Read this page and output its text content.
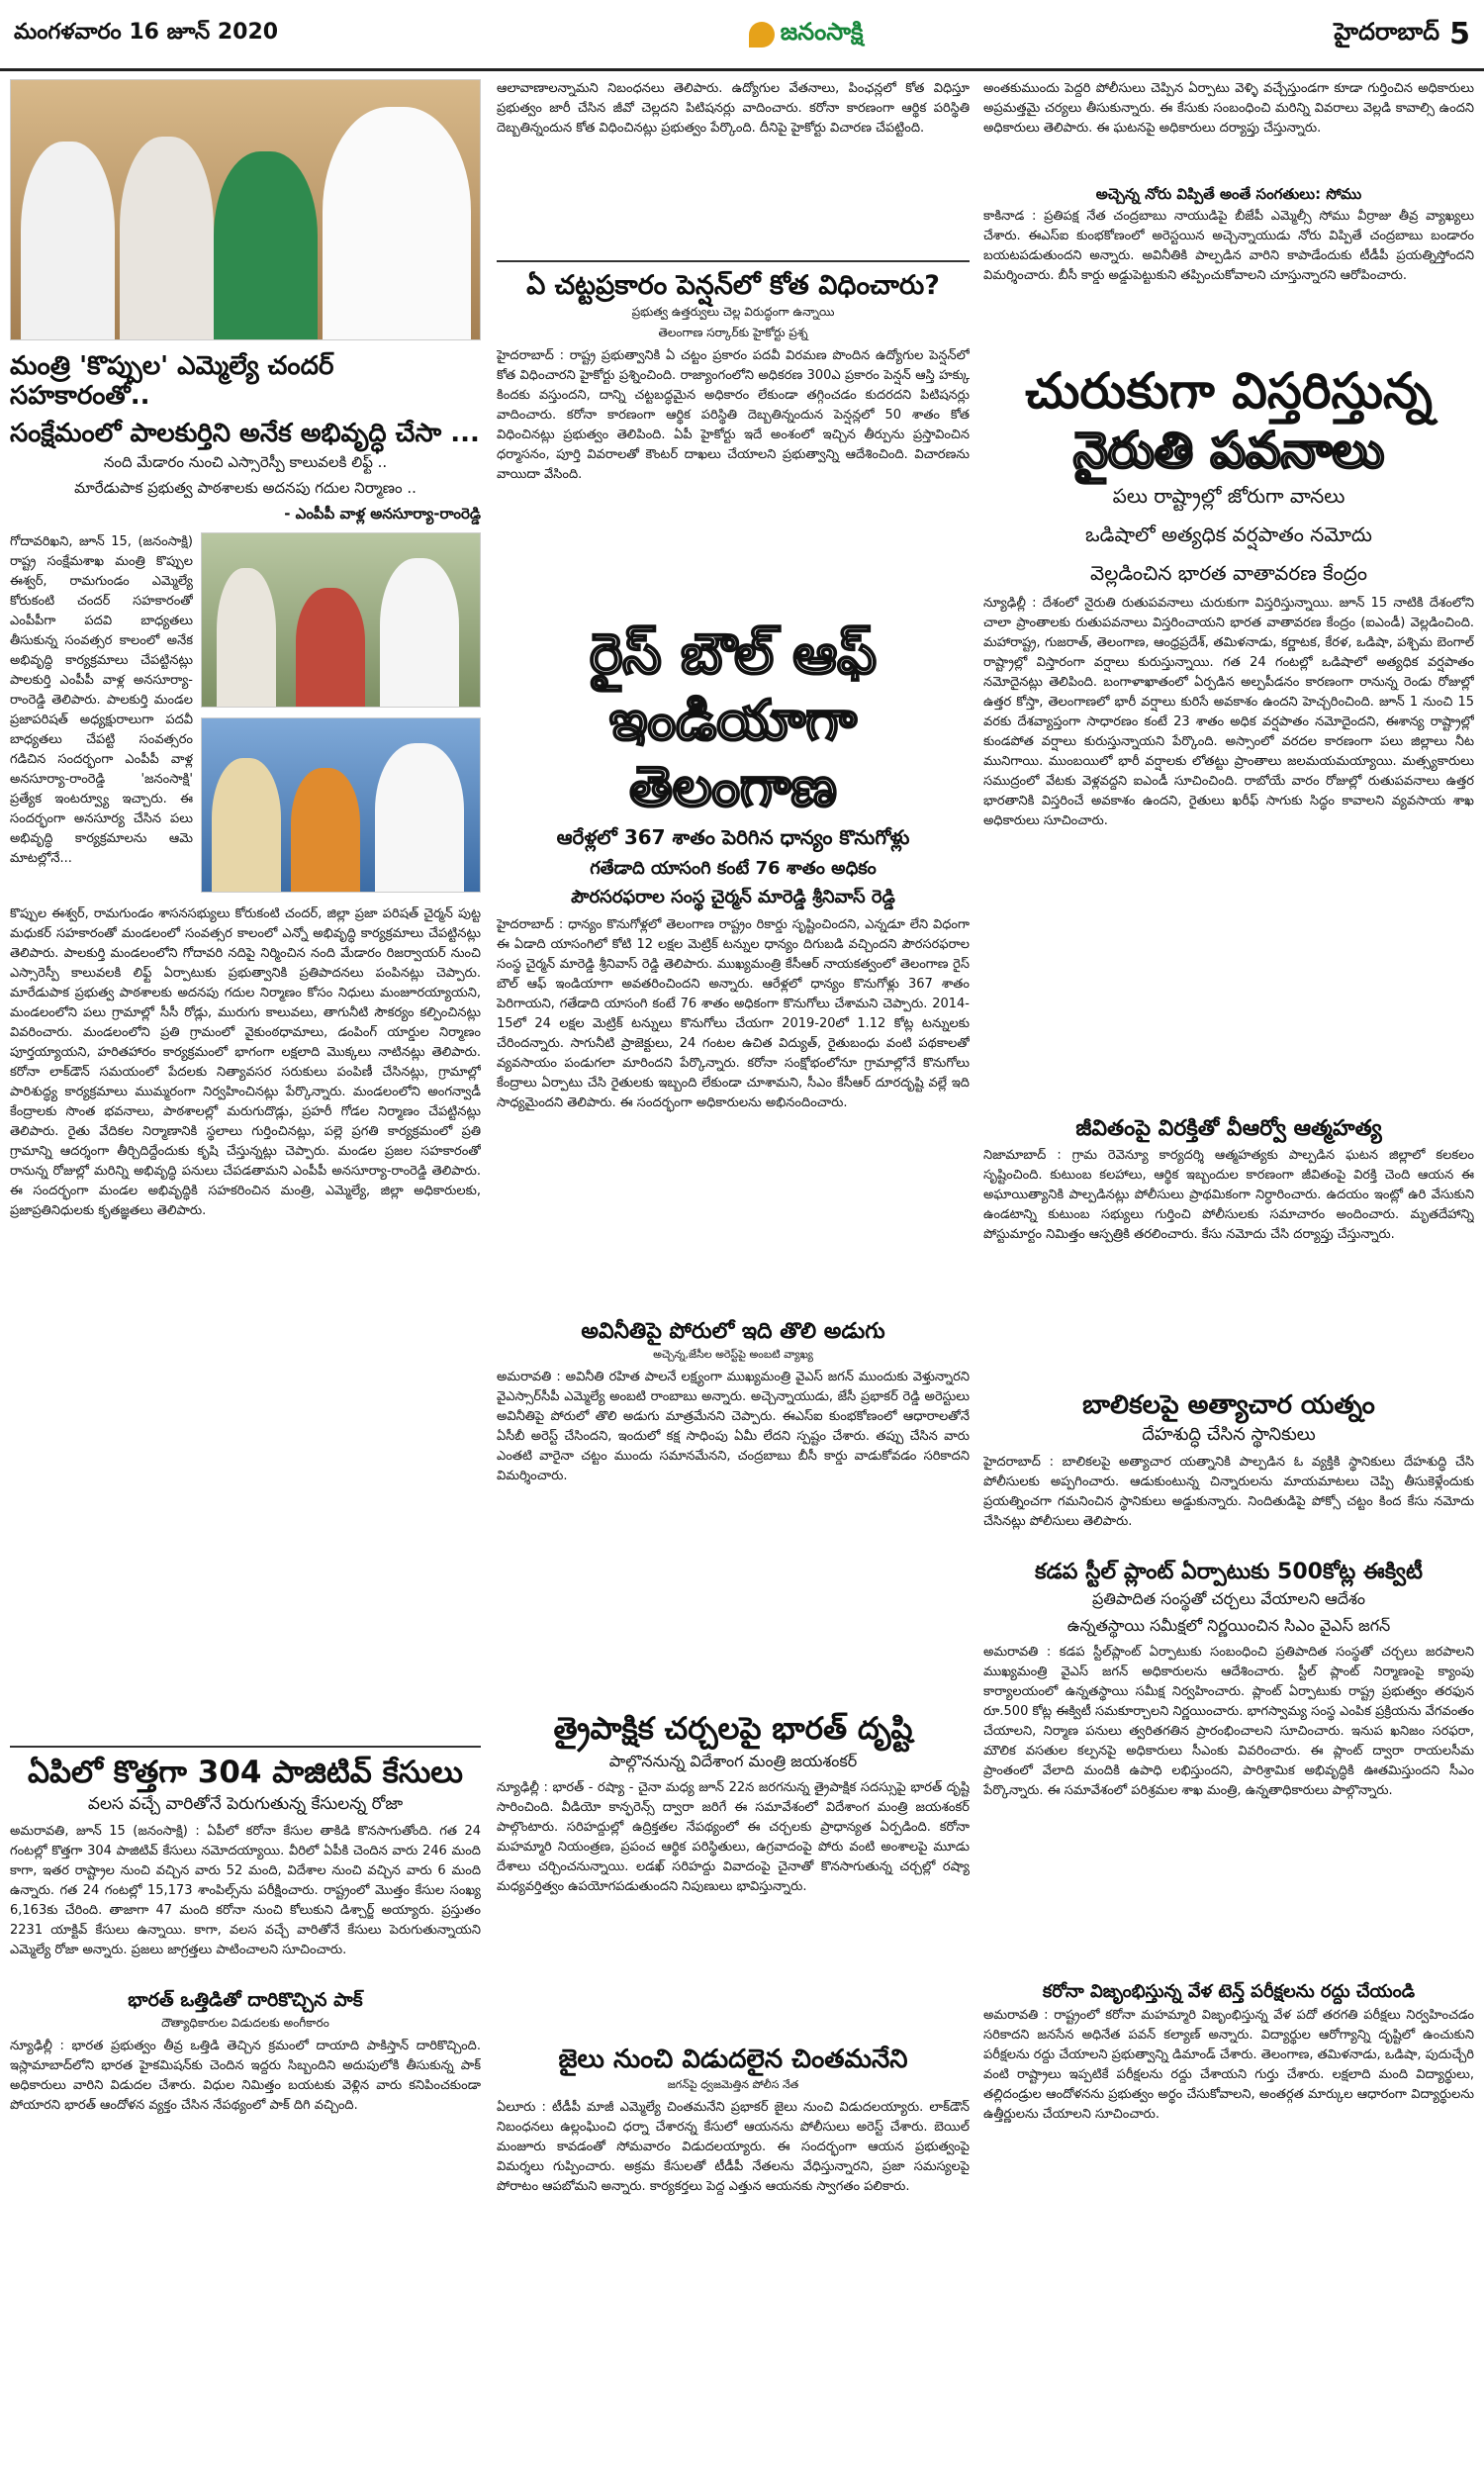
మంగళవారం 16 జూన్ 2020	జనంసాక్షి	హైదరాబాద్ 5
మంత్రి 'కొప్పుల' ఎమ్మెల్యే చందర్ సహకారంతో..
సంక్షేమంలో పాలకుర్తిని అనేక అభివృద్ధి చేసా ...
నంది మేడారం నుంచి ఎస్సారెస్పీ కాలువలకి లిఫ్ట్ ..
మారేడుపాక ప్రభుత్వ పాఠశాలకు అదనపు గదుల నిర్మాణం ..
- ఎంపీపీ వాళ్ల అనసూర్యా-రాంరెడ్డి
గోదావరిఖని, జూన్ 15, (జనంసాక్షి) రాష్ట్ర సంక్షేమశాఖ మంత్రి కొప్పుల ఈశ్వర్, రామగుండం ఎమ్మెల్యే కోరుకంటి చందర్ సహకారంతో ఎంపీపీగా పదవి బాధ్యతలు తీసుకున్న సంవత్సర కాలంలో అనేక అభివృద్ధి కార్యక్రమాలు చేపట్టినట్లు పాలకుర్తి ఎంపీపీ వాళ్ల అనసూర్యా-రాంరెడ్డి తెలిపారు. పాలకుర్తి మండల ప్రజాపరిషత్ అధ్యక్షురాలుగా పదవీ బాధ్యతలు చేపట్టి సంవత్సరం గడిచిన సందర్భంగా ఎంపీపీ వాళ్ల అనసూర్యా-రాంరెడ్డి 'జనంసాక్షి' ప్రత్యేక ఇంటర్వ్యూ ఇచ్చారు. ఈ సందర్భంగా అనసూర్య చేసిన పలు అభివృద్ధి కార్యక్రమాలను ఆమె మాటల్లోనే...
కొప్పుల ఈశ్వర్, రామగుండం శాసనసభ్యులు కోరుకంటి చందర్, జిల్లా ప్రజా పరిషత్ చైర్మన్ పుట్ట మధుకర్ సహకారంతో మండలంలో సంవత్సర కాలంలో ఎన్నో అభివృద్ధి కార్యక్రమాలు చేపట్టినట్లు తెలిపారు. పాలకుర్తి మండలంలోని గోదావరి నదిపై నిర్మించిన నంది మేడారం రిజర్వాయర్ నుంచి ఎస్సారెస్పీ కాలువలకి లిఫ్ట్ ఏర్పాటుకు ప్రభుత్వానికి ప్రతిపాదనలు పంపినట్లు చెప్పారు. మారేడుపాక ప్రభుత్వ పాఠశాలకు అదనపు గదుల నిర్మాణం కోసం నిధులు మంజూరయ్యాయని, మండలంలోని పలు గ్రామాల్లో సీసీ రోడ్లు, మురుగు కాలువలు, తాగునీటి సౌకర్యం కల్పించినట్లు వివరించారు. మండలంలోని ప్రతి గ్రామంలో వైకుంఠధామాలు, డంపింగ్ యార్డుల నిర్మాణం పూర్తయ్యాయని, హరితహారం కార్యక్రమంలో భాగంగా లక్షలాది మొక్కలు నాటినట్లు తెలిపారు. కరోనా లాక్‌డౌన్ సమయంలో పేదలకు నిత్యావసర సరుకులు పంపిణీ చేసినట్లు, గ్రామాల్లో పారిశుద్ధ్య కార్యక్రమాలు ముమ్మరంగా నిర్వహించినట్లు పేర్కొన్నారు. మండలంలోని అంగన్వాడీ కేంద్రాలకు సొంత భవనాలు, పాఠశాలల్లో మరుగుదొడ్లు, ప్రహరీ గోడల నిర్మాణం చేపట్టినట్లు తెలిపారు. రైతు వేదికల నిర్మాణానికి స్థలాలు గుర్తించినట్లు, పల్లె ప్రగతి కార్యక్రమంలో ప్రతి గ్రామాన్ని ఆదర్శంగా తీర్చిదిద్దేందుకు కృషి చేస్తున్నట్లు చెప్పారు. మండల ప్రజల సహకారంతో రానున్న రోజుల్లో మరిన్ని అభివృద్ధి పనులు చేపడతామని ఎంపీపీ అనసూర్యా-రాంరెడ్డి తెలిపారు. ఈ సందర్భంగా మండల అభివృద్ధికి సహకరించిన మంత్రి, ఎమ్మెల్యే, జిల్లా అధికారులకు, ప్రజాప్రతినిధులకు కృతజ్ఞతలు తెలిపారు.
ఏపిలో కొత్తగా 304 పాజిటివ్ కేసులు
వలస వచ్చే వారితోనే పెరుగుతున్న కేసులన్న రోజా
అమరావతి, జూన్ 15 (జనంసాక్షి) : ఏపీలో కరోనా కేసుల తాకిడి కొనసాగుతోంది. గత 24 గంటల్లో కొత్తగా 304 పాజిటివ్ కేసులు నమోదయ్యాయి. వీరిలో ఏపీకి చెందిన వారు 246 మంది కాగా, ఇతర రాష్ట్రాల నుంచి వచ్చిన వారు 52 మంది, విదేశాల నుంచి వచ్చిన వారు 6 మంది ఉన్నారు. గత 24 గంటల్లో 15,173 శాంపిల్స్‌ను పరీక్షించారు. రాష్ట్రంలో మొత్తం కేసుల సంఖ్య 6,163కు చేరింది. తాజాగా 47 మంది కరోనా నుంచి కోలుకుని డిశ్చార్జ్ అయ్యారు. ప్రస్తుతం 2231 యాక్టివ్ కేసులు ఉన్నాయి. కాగా, వలస వచ్చే వారితోనే కేసులు పెరుగుతున్నాయని ఎమ్మెల్యే రోజా అన్నారు. ప్రజలు జాగ్రత్తలు పాటించాలని సూచించారు.
భారత్ ఒత్తిడితో దారికొచ్చిన పాక్
దౌత్యాధికారుల విడుదలకు అంగీకారం
న్యూఢిల్లీ : భారత ప్రభుత్వం తీవ్ర ఒత్తిడి తెచ్చిన క్రమంలో దాయాది పాకిస్తాన్ దారికొచ్చింది. ఇస్లామాబాద్‌లోని భారత హైకమిషన్‌కు చెందిన ఇద్దరు సిబ్బందిని అదుపులోకి తీసుకున్న పాక్ అధికారులు వారిని విడుదల చేశారు. విధుల నిమిత్తం బయటకు వెళ్లిన వారు కనిపించకుండా పోయారని భారత్ ఆందోళన వ్యక్తం చేసిన నేపథ్యంలో పాక్ దిగి వచ్చింది.
ఆలావాణాలన్నామని నిబంధనలు తెలిపారు. ఉద్యోగుల వేతనాలు, పింఛన్లలో కోత విధిస్తూ ప్రభుత్వం జారీ చేసిన జీవో చెల్లదని పిటిషనర్లు వాదించారు. కరోనా కారణంగా ఆర్థిక పరిస్థితి దెబ్బతిన్నందున కోత విధించినట్లు ప్రభుత్వం పేర్కొంది. దీనిపై హైకోర్టు విచారణ చేపట్టింది.
ఏ చట్టప్రకారం పెన్షన్‌లో కోత విధించారు?
ప్రభుత్వ ఉత్తర్వులు చెల్ల విరుద్ధంగా ఉన్నాయి
తెలంగాణ సర్కార్‌కు హైకోర్టు ప్రశ్న
హైదరాబాద్ : రాష్ట్ర ప్రభుత్వానికి ఏ చట్టం ప్రకారం పదవీ విరమణ పొందిన ఉద్యోగుల పెన్షన్‌లో కోత విధించారని హైకోర్టు ప్రశ్నించింది. రాజ్యాంగంలోని అధికరణ 300ఎ ప్రకారం పెన్షన్ ఆస్తి హక్కు కిందకు వస్తుందని, దాన్ని చట్టబద్ధమైన అధికారం లేకుండా తగ్గించడం కుదరదని పిటిషనర్లు వాదించారు. కరోనా కారణంగా ఆర్థిక పరిస్థితి దెబ్బతిన్నందున పెన్షన్లలో 50 శాతం కోత విధించినట్లు ప్రభుత్వం తెలిపింది. ఏపీ హైకోర్టు ఇదే అంశంలో ఇచ్చిన తీర్పును ప్రస్తావించిన ధర్మాసనం, పూర్తి వివరాలతో కౌంటర్ దాఖలు చేయాలని ప్రభుత్వాన్ని ఆదేశించింది. విచారణను వాయిదా వేసింది.
రైస్ బౌల్ ఆఫ్
ఇండియాగా తెలంగాణ
ఆరేళ్లలో 367 శాతం పెరిగిన ధాన్యం కొనుగోళ్లు
గతేడాది యాసంగి కంటే 76 శాతం అధికం
పౌరసరఫరాల సంస్థ చైర్మన్ మారెడ్డి శ్రీనివాస్ రెడ్డి
హైదరాబాద్ : ధాన్యం కొనుగోళ్లలో తెలంగాణ రాష్ట్రం రికార్డు సృష్టించిందని, ఎన్నడూ లేని విధంగా ఈ ఏడాది యాసంగిలో కోటి 12 లక్షల మెట్రిక్ టన్నుల ధాన్యం దిగుబడి వచ్చిందని పౌరసరఫరాల సంస్థ చైర్మన్ మారెడ్డి శ్రీనివాస్ రెడ్డి తెలిపారు. ముఖ్యమంత్రి కేసీఆర్ నాయకత్వంలో తెలంగాణ రైస్ బౌల్ ఆఫ్ ఇండియాగా అవతరించిందని అన్నారు. ఆరేళ్లలో ధాన్యం కొనుగోళ్లు 367 శాతం పెరిగాయని, గతేడాది యాసంగి కంటే 76 శాతం అధికంగా కొనుగోలు చేశామని చెప్పారు. 2014-15లో 24 లక్షల మెట్రిక్ టన్నులు కొనుగోలు చేయగా 2019-20లో 1.12 కోట్ల టన్నులకు చేరిందన్నారు. సాగునీటి ప్రాజెక్టులు, 24 గంటల ఉచిత విద్యుత్, రైతుబంధు వంటి పథకాలతో వ్యవసాయం పండుగలా మారిందని పేర్కొన్నారు. కరోనా సంక్షోభంలోనూ గ్రామాల్లోనే కొనుగోలు కేంద్రాలు ఏర్పాటు చేసి రైతులకు ఇబ్బంది లేకుండా చూశామని, సీఎం కేసీఆర్ దూరదృష్టి వల్లే ఇది సాధ్యమైందని తెలిపారు. ఈ సందర్భంగా అధికారులను అభినందించారు.
అవినీతిపై పోరులో ఇది తొలి అడుగు
అచ్చెన్న,జేసీల అరెస్ట్‌పై అంబటి వ్యాఖ్య
అమరావతి : అవినీతి రహిత పాలనే లక్ష్యంగా ముఖ్యమంత్రి వైఎస్ జగన్ ముందుకు వెళ్తున్నారని వైఎస్సార్‌సీపీ ఎమ్మెల్యే అంబటి రాంబాబు అన్నారు. అచ్చెన్నాయుడు, జేసీ ప్రభాకర్ రెడ్డి అరెస్టులు అవినీతిపై పోరులో తొలి అడుగు మాత్రమేనని చెప్పారు. ఈఎస్ఐ కుంభకోణంలో ఆధారాలతోనే ఏసీబీ అరెస్ట్ చేసిందని, ఇందులో కక్ష సాధింపు ఏమీ లేదని స్పష్టం చేశారు. తప్పు చేసిన వారు ఎంతటి వారైనా చట్టం ముందు సమానమేనని, చంద్రబాబు బీసీ కార్డు వాడుకోవడం సరికాదని విమర్శించారు.
త్రైపాక్షిక చర్చలపై భారత్ దృష్టి
పాల్గొననున్న విదేశాంగ మంత్రి జయశంకర్
న్యూఢిల్లీ : భారత్ - రష్యా - చైనా మధ్య జూన్ 22న జరగనున్న త్రైపాక్షిక సదస్సుపై భారత్ దృష్టి సారించింది. వీడియో కాన్ఫరెన్స్ ద్వారా జరిగే ఈ సమావేశంలో విదేశాంగ మంత్రి జయశంకర్ పాల్గొంటారు. సరిహద్దుల్లో ఉద్రిక్తతల నేపథ్యంలో ఈ చర్చలకు ప్రాధాన్యత ఏర్పడింది. కరోనా మహమ్మారి నియంత్రణ, ప్రపంచ ఆర్థిక పరిస్థితులు, ఉగ్రవాదంపై పోరు వంటి అంశాలపై మూడు దేశాలు చర్చించనున్నాయి. లడఖ్ సరిహద్దు వివాదంపై చైనాతో కొనసాగుతున్న చర్చల్లో రష్యా మధ్యవర్తిత్వం ఉపయోగపడుతుందని నిపుణులు భావిస్తున్నారు.
జైలు నుంచి విడుదలైన చింతమనేని
జగన్‌పై ధ్వజమెత్తిన పోలీస నేత
ఏలూరు : టీడీపీ మాజీ ఎమ్మెల్యే చింతమనేని ప్రభాకర్ జైలు నుంచి విడుదలయ్యారు. లాక్‌డౌన్ నిబంధనలు ఉల్లంఘించి ధర్నా చేశారన్న కేసులో ఆయనను పోలీసులు అరెస్ట్ చేశారు. బెయిల్ మంజూరు కావడంతో సోమవారం విడుదలయ్యారు. ఈ సందర్భంగా ఆయన ప్రభుత్వంపై విమర్శలు గుప్పించారు. అక్రమ కేసులతో టీడీపీ నేతలను వేధిస్తున్నారని, ప్రజా సమస్యలపై పోరాటం ఆపబోమని అన్నారు. కార్యకర్తలు పెద్ద ఎత్తున ఆయనకు స్వాగతం పలికారు.
అంతకుముందు పెద్దరి పోలీసులు చెప్పిన ఏర్పాటు వెళ్ళి వచ్చేస్తుండగా కూడా గుర్తించిన అధికారులు అప్రమత్తమై చర్యలు తీసుకున్నారు. ఈ కేసుకు సంబంధించి మరిన్ని వివరాలు వెల్లడి కావాల్సి ఉందని అధికారులు తెలిపారు. ఈ ఘటనపై అధికారులు దర్యాప్తు చేస్తున్నారు.
అచ్చెన్న నోరు విప్పితే అంతే సంగతులు: సోము
కాకినాడ : ప్రతిపక్ష నేత చంద్రబాబు నాయుడిపై బీజేపీ ఎమ్మెల్సీ సోము వీర్రాజు తీవ్ర వ్యాఖ్యలు చేశారు. ఈఎస్ఐ కుంభకోణంలో అరెస్టయిన అచ్చెన్నాయుడు నోరు విప్పితే చంద్రబాబు బండారం బయటపడుతుందని అన్నారు. అవినీతికి పాల్పడిన వారిని కాపాడేందుకు టీడీపీ ప్రయత్నిస్తోందని విమర్శించారు. బీసీ కార్డు అడ్డుపెట్టుకుని తప్పించుకోవాలని చూస్తున్నారని ఆరోపించారు.
చురుకుగా విస్తరిస్తున్న
నైరుతి పవనాలు
పలు రాష్ట్రాల్లో జోరుగా వానలు
ఒడిషాలో అత్యధిక వర్షపాతం నమోదు
వెల్లడించిన భారత వాతావరణ కేంద్రం
న్యూఢిల్లీ : దేశంలో నైరుతి రుతుపవనాలు చురుకుగా విస్తరిస్తున్నాయి. జూన్ 15 నాటికి దేశంలోని చాలా ప్రాంతాలకు రుతుపవనాలు విస్తరించాయని భారత వాతావరణ కేంద్రం (ఐఎండీ) వెల్లడించింది. మహారాష్ట్ర, గుజరాత్, తెలంగాణ, ఆంధ్రప్రదేశ్, తమిళనాడు, కర్ణాటక, కేరళ, ఒడిషా, పశ్చిమ బెంగాల్ రాష్ట్రాల్లో విస్తారంగా వర్షాలు కురుస్తున్నాయి. గత 24 గంటల్లో ఒడిషాలో అత్యధిక వర్షపాతం నమోదైనట్లు తెలిపింది. బంగాళాఖాతంలో ఏర్పడిన అల్పపీడనం కారణంగా రానున్న రెండు రోజుల్లో ఉత్తర కోస్తా, తెలంగాణలో భారీ వర్షాలు కురిసే అవకాశం ఉందని హెచ్చరించింది. జూన్ 1 నుంచి 15 వరకు దేశవ్యాప్తంగా సాధారణం కంటే 23 శాతం అధిక వర్షపాతం నమోదైందని, ఈశాన్య రాష్ట్రాల్లో కుండపోత వర్షాలు కురుస్తున్నాయని పేర్కొంది. అస్సాంలో వరదల కారణంగా పలు జిల్లాలు నీట మునిగాయి. ముంబయిలో భారీ వర్షాలకు లోతట్టు ప్రాంతాలు జలమయమయ్యాయి. మత్స్యకారులు సముద్రంలో వేటకు వెళ్లవద్దని ఐఎండీ సూచించింది. రాబోయే వారం రోజుల్లో రుతుపవనాలు ఉత్తర భారతానికి విస్తరించే అవకాశం ఉందని, రైతులు ఖరీఫ్ సాగుకు సిద్ధం కావాలని వ్యవసాయ శాఖ అధికారులు సూచించారు.
జీవితంపై విరక్తితో వీఆర్వో ఆత్మహత్య
నిజామాబాద్ : గ్రామ రెవెన్యూ కార్యదర్శి ఆత్మహత్యకు పాల్పడిన ఘటన జిల్లాలో కలకలం సృష్టించింది. కుటుంబ కలహాలు, ఆర్థిక ఇబ్బందుల కారణంగా జీవితంపై విరక్తి చెంది ఆయన ఈ అఘాయిత్యానికి పాల్పడినట్లు పోలీసులు ప్రాథమికంగా నిర్ధారించారు. ఉదయం ఇంట్లో ఉరి వేసుకుని ఉండటాన్ని కుటుంబ సభ్యులు గుర్తించి పోలీసులకు సమాచారం అందించారు. మృతదేహాన్ని పోస్టుమార్టం నిమిత్తం ఆస్పత్రికి తరలించారు. కేసు నమోదు చేసి దర్యాప్తు చేస్తున్నారు.
బాలికలపై అత్యాచార యత్నం
దేహశుద్ధి చేసిన స్థానికులు
హైదరాబాద్ : బాలికలపై అత్యాచార యత్నానికి పాల్పడిన ఓ వ్యక్తికి స్థానికులు దేహశుద్ధి చేసి పోలీసులకు అప్పగించారు. ఆడుకుంటున్న చిన్నారులను మాయమాటలు చెప్పి తీసుకెళ్లేందుకు ప్రయత్నించగా గమనించిన స్థానికులు అడ్డుకున్నారు. నిందితుడిపై పోక్సో చట్టం కింద కేసు నమోదు చేసినట్లు పోలీసులు తెలిపారు.
కడప స్టీల్ ప్లాంట్ ఏర్పాటుకు 500కోట్ల ఈక్విటీ
ప్రతిపాదిత సంస్థతో చర్చలు వేయాలని ఆదేశం
ఉన్నతస్థాయి సమీక్షలో నిర్ణయించిన సిఎం వైఎస్ జగన్
అమరావతి : కడప స్టీల్‌ప్లాంట్ ఏర్పాటుకు సంబంధించి ప్రతిపాదిత సంస్థతో చర్చలు జరపాలని ముఖ్యమంత్రి వైఎస్ జగన్ అధికారులను ఆదేశించారు. స్టీల్ ప్లాంట్ నిర్మాణంపై క్యాంపు కార్యాలయంలో ఉన్నతస్థాయి సమీక్ష నిర్వహించారు. ప్లాంట్ ఏర్పాటుకు రాష్ట్ర ప్రభుత్వం తరఫున రూ.500 కోట్ల ఈక్విటీ సమకూర్చాలని నిర్ణయించారు. భాగస్వామ్య సంస్థ ఎంపిక ప్రక్రియను వేగవంతం చేయాలని, నిర్మాణ పనులు త్వరితగతిన ప్రారంభించాలని సూచించారు. ఇనుప ఖనిజం సరఫరా, మౌలిక వసతుల కల్పనపై అధికారులు సీఎంకు వివరించారు. ఈ ప్లాంట్ ద్వారా రాయలసీమ ప్రాంతంలో వేలాది మందికి ఉపాధి లభిస్తుందని, పారిశ్రామిక అభివృద్ధికి ఊతమిస్తుందని సీఎం పేర్కొన్నారు. ఈ సమావేశంలో పరిశ్రమల శాఖ మంత్రి, ఉన్నతాధికారులు పాల్గొన్నారు.
కరోనా విజృంభిస్తున్న వేళ టెన్త్ పరీక్షలను రద్దు చేయండి
అమరావతి : రాష్ట్రంలో కరోనా మహమ్మారి విజృంభిస్తున్న వేళ పదో తరగతి పరీక్షలు నిర్వహించడం సరికాదని జనసేన అధినేత పవన్ కల్యాణ్ అన్నారు. విద్యార్థుల ఆరోగ్యాన్ని దృష్టిలో ఉంచుకుని పరీక్షలను రద్దు చేయాలని ప్రభుత్వాన్ని డిమాండ్ చేశారు. తెలంగాణ, తమిళనాడు, ఒడిషా, పుదుచ్చేరి వంటి రాష్ట్రాలు ఇప్పటికే పరీక్షలను రద్దు చేశాయని గుర్తు చేశారు. లక్షలాది మంది విద్యార్థులు, తల్లిదండ్రుల ఆందోళనను ప్రభుత్వం అర్థం చేసుకోవాలని, అంతర్గత మార్కుల ఆధారంగా విద్యార్థులను ఉత్తీర్ణులను చేయాలని సూచించారు.
